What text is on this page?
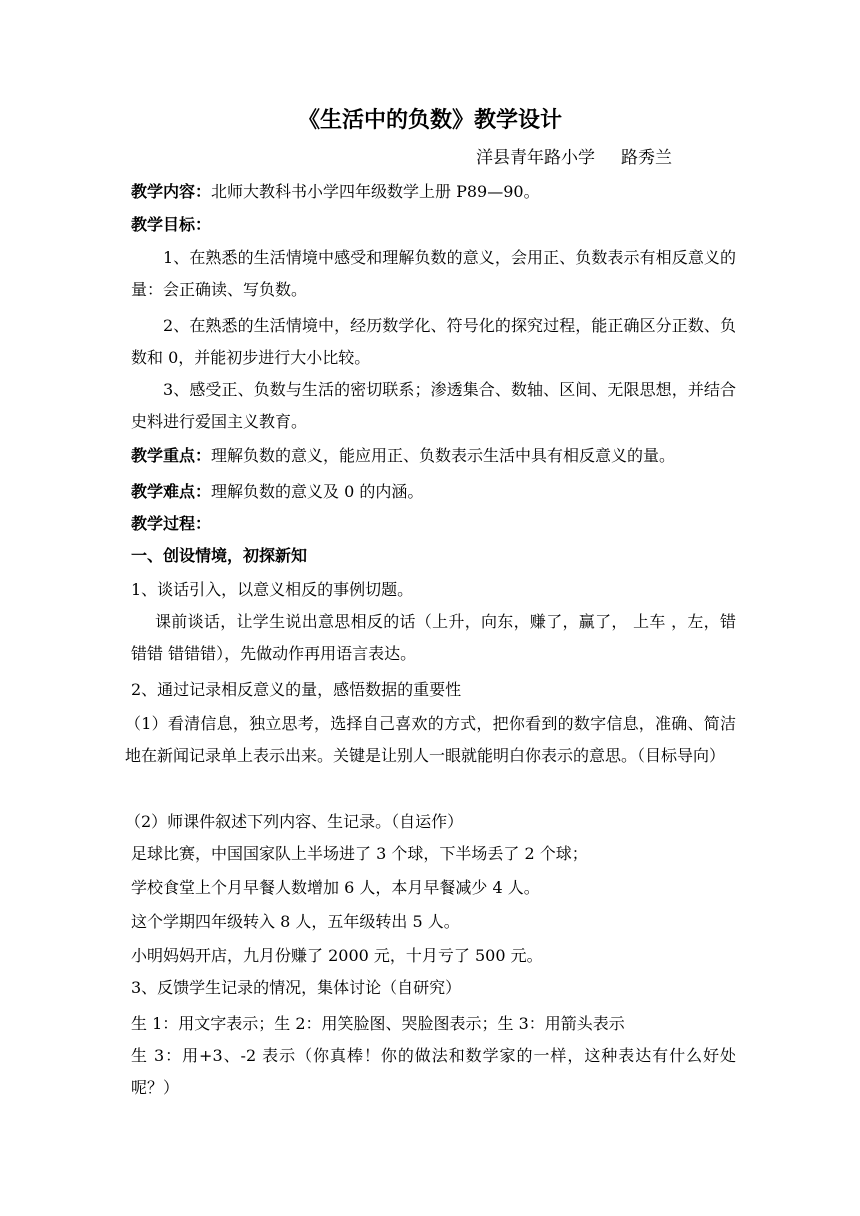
《生活中的负数》教学设计
洋县青年路小学 路秀兰
教学内容：北师大教科书小学四年级数学上册 P89—90。
教学目标：
1、在熟悉的生活情境中感受和理解负数的意义，会用正、负数表示有相反意义的量：会正确读、写负数。
2、在熟悉的生活情境中，经历数学化、符号化的探究过程，能正确区分正数、负数和 0，并能初步进行大小比较。
3、感受正、负数与生活的密切联系；渗透集合、数轴、区间、无限思想，并结合史料进行爱国主义教育。
教学重点：理解负数的意义，能应用正、负数表示生活中具有相反意义的量。
教学难点：理解负数的意义及 0 的内涵。
教学过程：
一、创设情境，初探新知
1、谈话引入，以意义相反的事例切题。
课前谈话，让学生说出意思相反的话（上升，向东，赚了，赢了， 上车 ，左，错 错错 错错错），先做动作再用语言表达。
2、通过记录相反意义的量，感悟数据的重要性
（1）看清信息，独立思考，选择自己喜欢的方式，把你看到的数字信息，准确、简洁地在新闻记录单上表示出来。关键是让别人一眼就能明白你表示的意思。（目标导向）
（2）师课件叙述下列内容、生记录。（自运作）
足球比赛，中国国家队上半场进了 3 个球，下半场丢了 2 个球；
学校食堂上个月早餐人数增加 6 人，本月早餐减少 4 人。
这个学期四年级转入 8 人，五年级转出 5 人。
小明妈妈开店，九月份赚了 2000 元，十月亏了 500 元。
3、反馈学生记录的情况，集体讨论（自研究）
生 1：用文字表示；生 2：用笑脸图、哭脸图表示；生 3：用箭头表示
生 3：用+3、-2 表示（你真棒！你的做法和数学家的一样，这种表达有什么好处呢？）
